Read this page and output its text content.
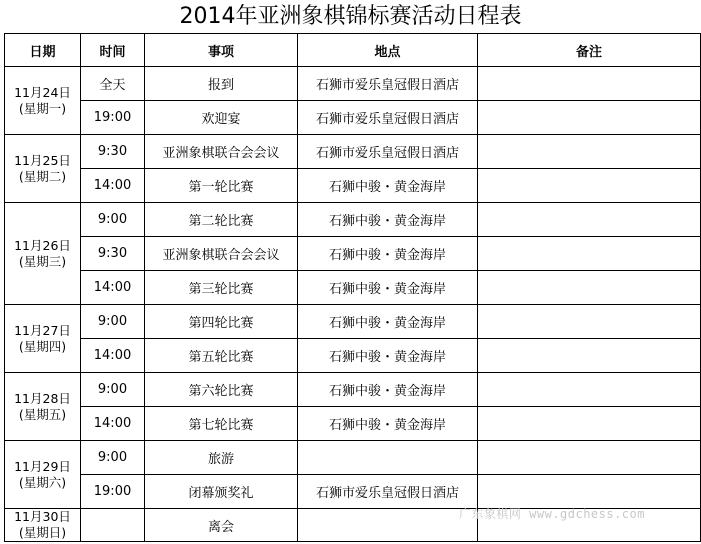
2014年亚洲象棋锦标赛活动日程表
日期	时间	事项	地点	备注

11月24日
(星期一)	全天	报到	石狮市爱乐皇冠假日酒店	
	19:00	欢迎宴	石狮市爱乐皇冠假日酒店	

11月25日
(星期二)	9:30	亚洲象棋联合会会议	石狮市爱乐皇冠假日酒店	
	14:00	第一轮比赛	石狮中骏・黄金海岸	

11月26日
(星期三)	9:00	第二轮比赛	石狮中骏・黄金海岸	
	9:30	亚洲象棋联合会会议	石狮中骏・黄金海岸	
	14:00	第三轮比赛	石狮中骏・黄金海岸	

11月27日
(星期四)	9:00	第四轮比赛	石狮中骏・黄金海岸	
	14:00	第五轮比赛	石狮中骏・黄金海岸	

11月28日
(星期五)	9:00	第六轮比赛	石狮中骏・黄金海岸	
	14:00	第七轮比赛	石狮中骏・黄金海岸	

11月29日
(星期六)	9:00	旅游		
	19:00	闭幕颁奖礼	石狮市爱乐皇冠假日酒店	

11月30日
(星期日)		离会		
广东象棋网 www.gdchess.com
